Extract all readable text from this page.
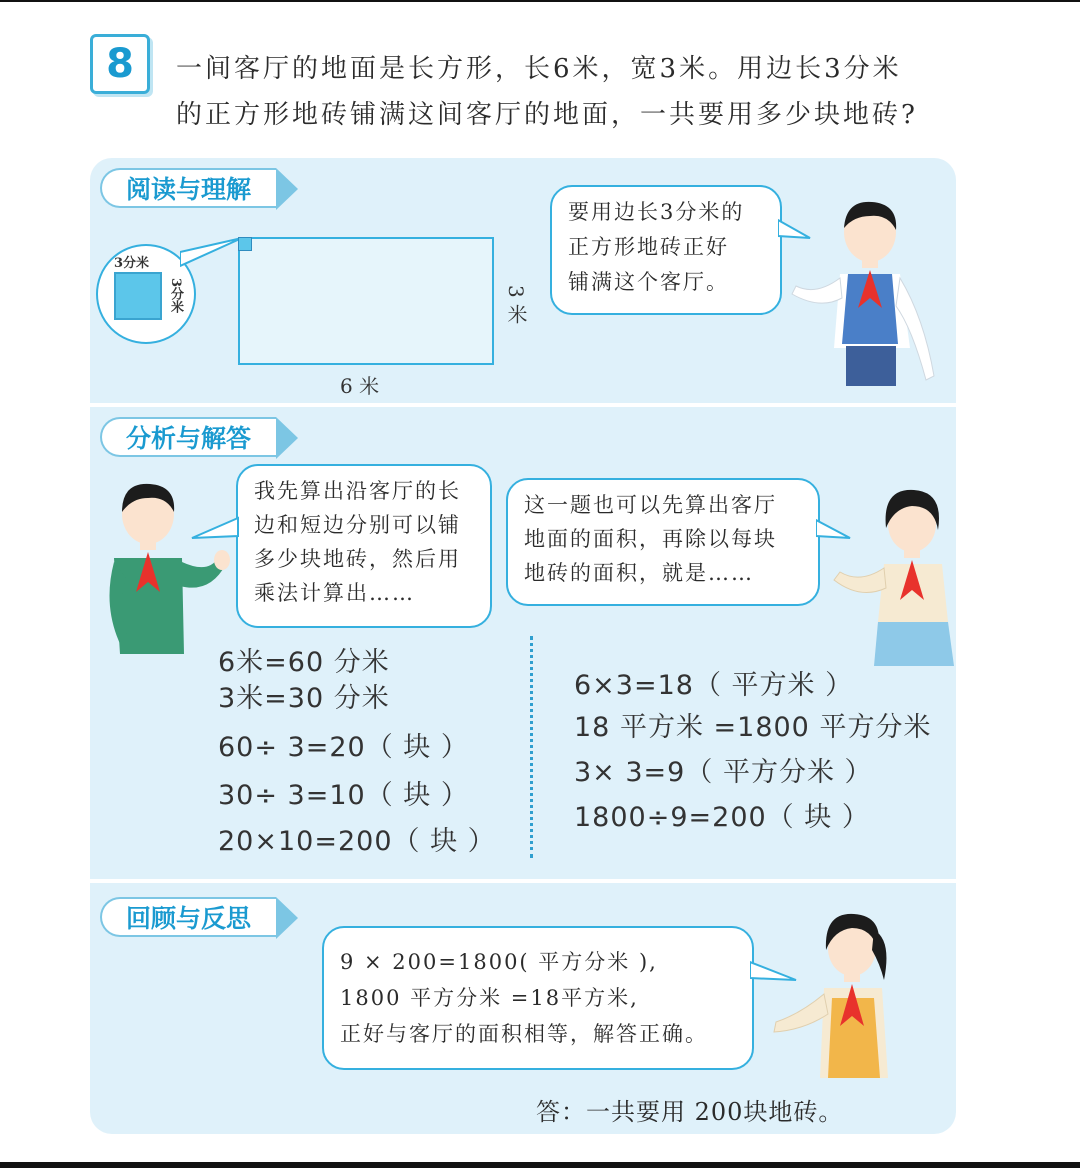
8	一间客厅的地面是长方形，长6米，宽3米。用边长3分米
的正方形地砖铺满这间客厅的地面，一共要用多少块地砖?
阅读与理解
3分米
3分米
6 米
3 米
要用边长3分米的
正方形地砖正好
铺满这个客厅。
分析与解答
我先算出沿客厅的长
边和短边分别可以铺
多少块地砖，然后用
乘法计算出……
这一题也可以先算出客厅
地面的面积，再除以每块
地砖的面积，就是……
6米=60 分米
3米=30 分米
60÷ 3=20（ 块 ）
30÷ 3=10（ 块 ）
20×10=200（ 块 ）
6×3=18（ 平方米 ）
18 平方米 =1800 平方分米
3× 3=9（ 平方分米 ）
1800÷9=200（ 块 ）
回顾与反思
9 × 200=1800( 平方分米 ),
1800 平方分米 =18平方米,
正好与客厅的面积相等，解答正确。
答：一共要用 200块地砖。
